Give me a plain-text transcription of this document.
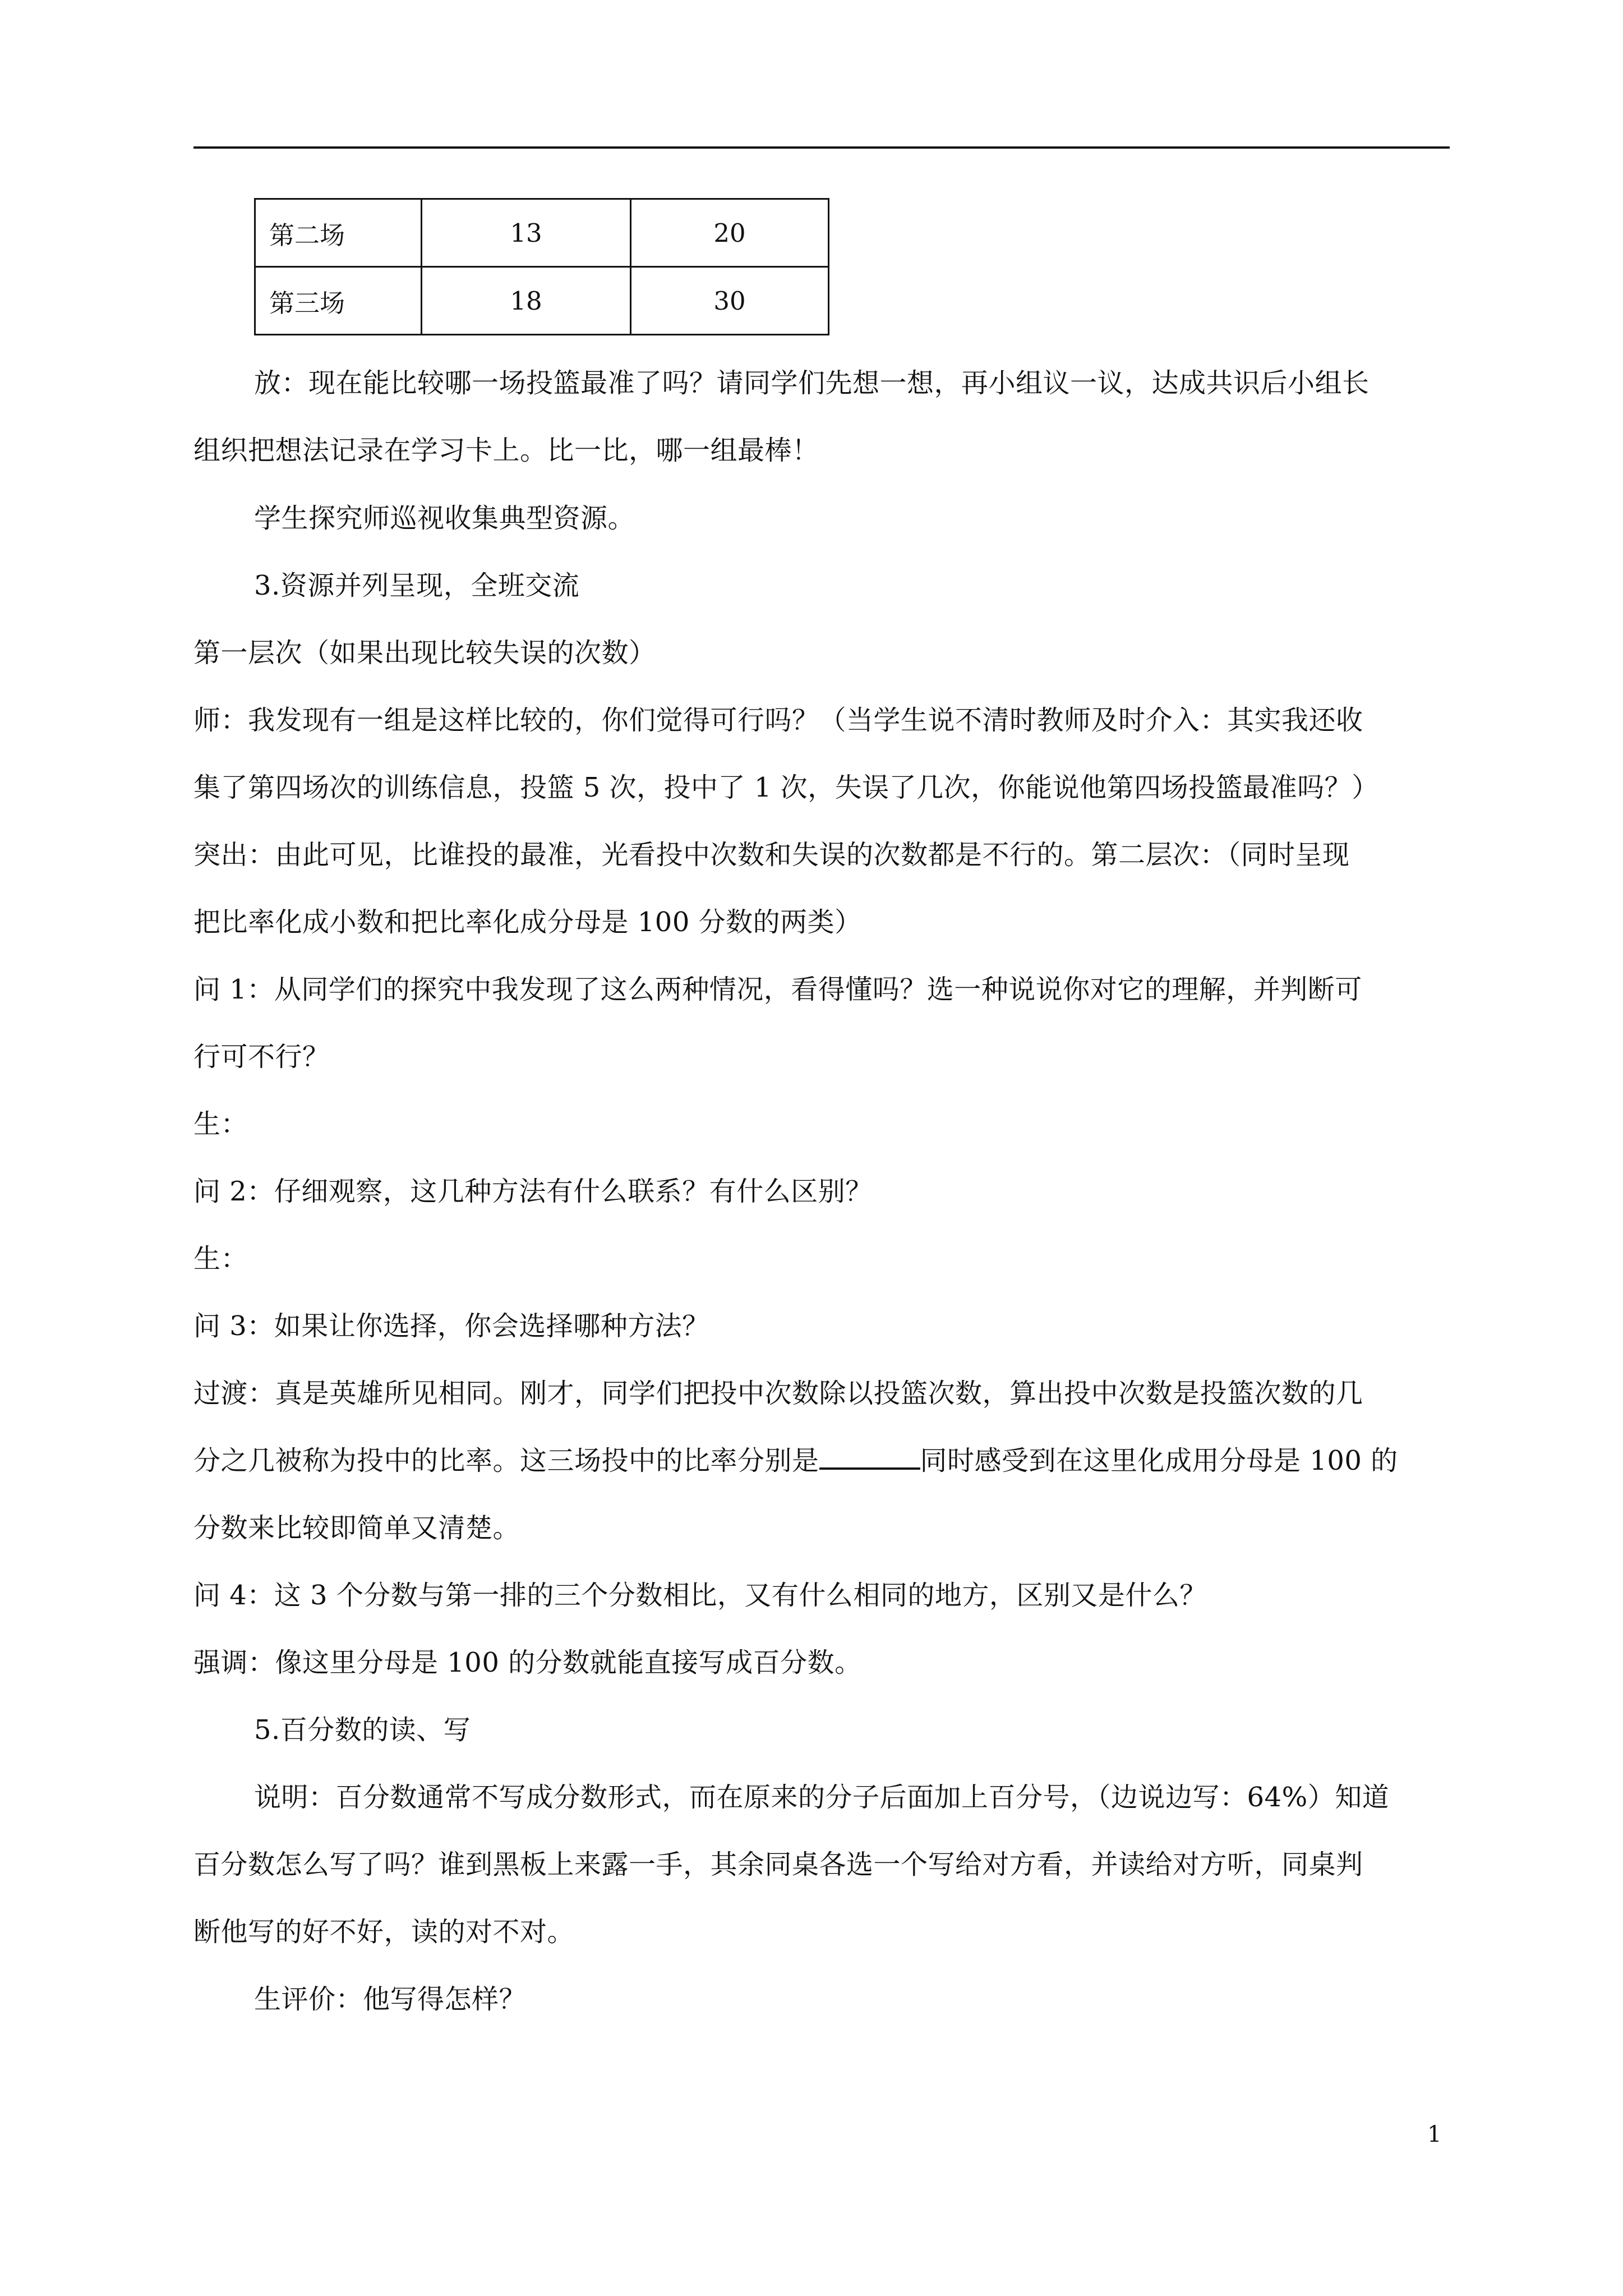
第二场	13	20
第三场	18	30
放：现在能比较哪一场投篮最准了吗？请同学们先想一想，再小组议一议，达成共识后小组长
组织把想法记录在学习卡上。比一比，哪一组最棒！
学生探究师巡视收集典型资源。
3.资源并列呈现，全班交流
第一层次（如果出现比较失误的次数）
师：我发现有一组是这样比较的，你们觉得可行吗？（当学生说不清时教师及时介入：其实我还收
集了第四场次的训练信息，投篮 5 次，投中了 1 次，失误了几次，你能说他第四场投篮最准吗？）
突出：由此可见，比谁投的最准，光看投中次数和失误的次数都是不行的。第二层次：（同时呈现
把比率化成小数和把比率化成分母是 100 分数的两类）
问 1：从同学们的探究中我发现了这么两种情况，看得懂吗？选一种说说你对它的理解，并判断可
行可不行？
生：
问 2：仔细观察，这几种方法有什么联系？有什么区别？
生：
问 3：如果让你选择，你会选择哪种方法？
过渡：真是英雄所见相同。刚才，同学们把投中次数除以投篮次数，算出投中次数是投篮次数的几
分之几被称为投中的比率。这三场投中的比率分别是	同时感受到在这里化成用分母是 100 的
分数来比较即简单又清楚。
问 4：这 3 个分数与第一排的三个分数相比，又有什么相同的地方，区别又是什么？
强调：像这里分母是 100 的分数就能直接写成百分数。
5.百分数的读、写
说明：百分数通常不写成分数形式，而在原来的分子后面加上百分号，（边说边写：64%）知道
百分数怎么写了吗？谁到黑板上来露一手，其余同桌各选一个写给对方看，并读给对方听，同桌判
断他写的好不好，读的对不对。
生评价：他写得怎样？
1
